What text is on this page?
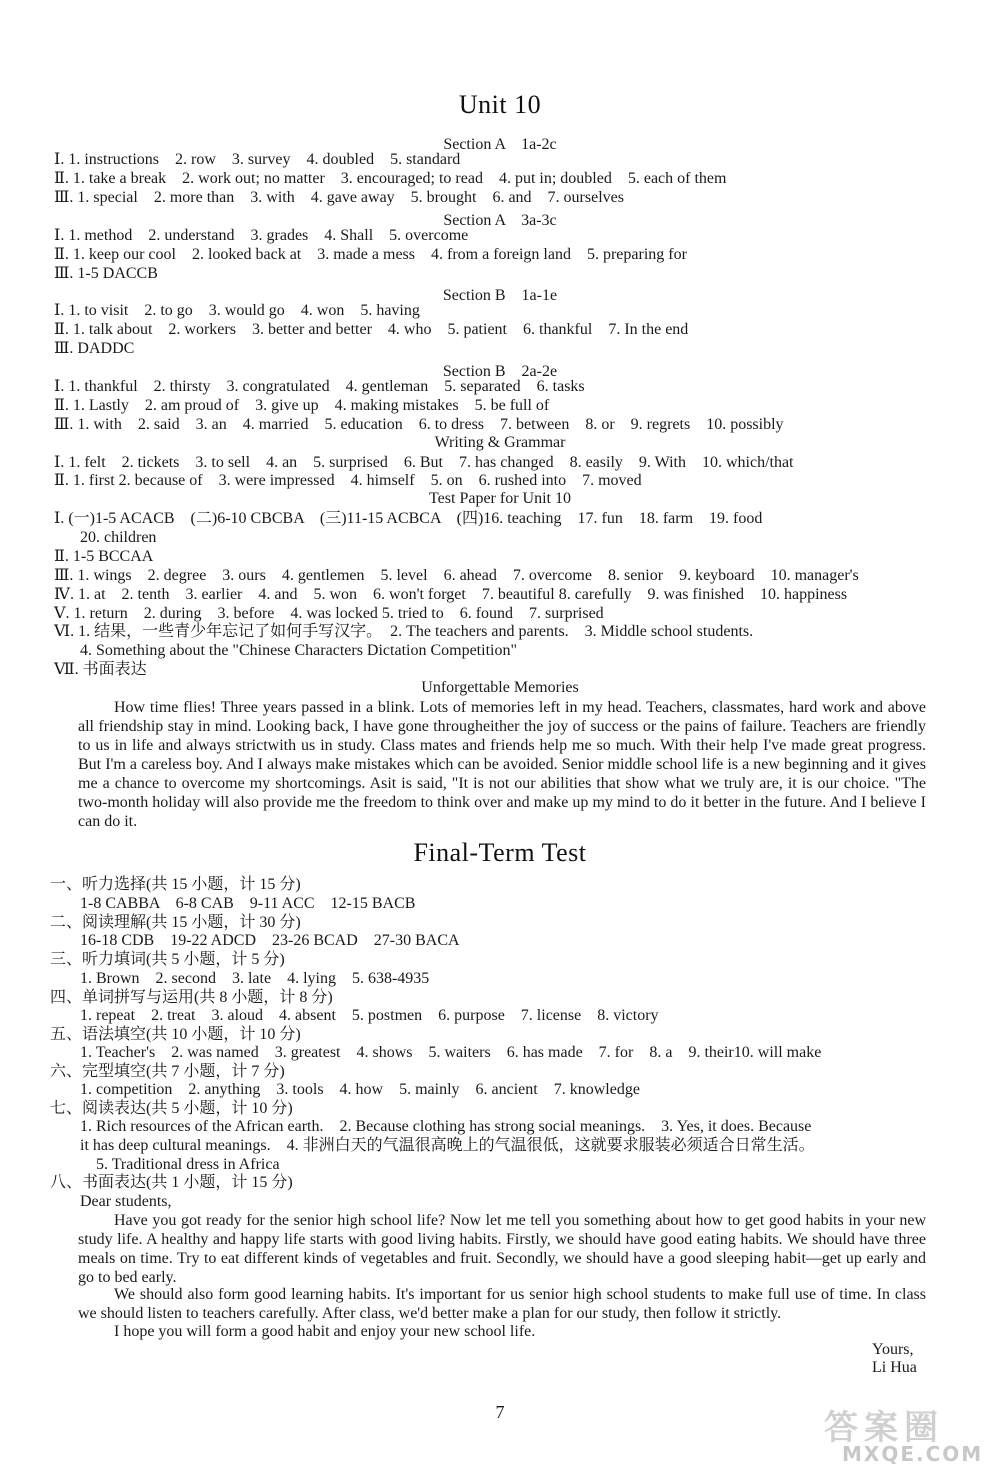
Unit 10
Section A　1a-2c
Ⅰ. 1. instructions　2. row　3. survey　4. doubled　5. standard
Ⅱ. 1. take a break　2. work out; no matter　3. encouraged; to read　4. put in; doubled　5. each of them
Ⅲ. 1. special　2. more than　3. with　4. gave away　5. brought　6. and　7. ourselves
Section A　3a-3c
Ⅰ. 1. method　2. understand　3. grades　4. Shall　5. overcome
Ⅱ. 1. keep our cool　2. looked back at　3. made a mess　4. from a foreign land　5. preparing for
Ⅲ. 1-5 DACCB
Section B　1a-1e
Ⅰ. 1. to visit　2. to go　3. would go　4. won　5. having
Ⅱ. 1. talk about　2. workers　3. better and better　4. who　5. patient　6. thankful　7. In the end
Ⅲ. DADDC
Section B　2a-2e
Ⅰ. 1. thankful　2. thirsty　3. congratulated　4. gentleman　5. separated　6. tasks
Ⅱ. 1. Lastly　2. am proud of　3. give up　4. making mistakes　5. be full of
Ⅲ. 1. with　2. said　3. an　4. married　5. education　6. to dress　7. between　8. or　9. regrets　10. possibly
Writing & Grammar
Ⅰ. 1. felt　2. tickets　3. to sell　4. an　5. surprised　6. But　7. has changed　8. easily　9. With　10. which/that
Ⅱ. 1. first 2. because of　3. were impressed　4. himself　5. on　6. rushed into　7. moved
Test Paper for Unit 10
Ⅰ. (一)1-5 ACACB　(二)6-10 CBCBA　(三)11-15 ACBCA　(四)16. teaching　17. fun　18. farm　19. food
20. children
Ⅱ. 1-5 BCCAA
Ⅲ. 1. wings　2. degree　3. ours　4. gentlemen　5. level　6. ahead　7. overcome　8. senior　9. keyboard　10. manager's
Ⅳ. 1. at　2. tenth　3. earlier　4. and　5. won　6. won't forget　7. beautiful 8. carefully　9. was finished　10. happiness
Ⅴ. 1. return　2. during　3. before　4. was locked 5. tried to　6. found　7. surprised
Ⅵ. 1. 结果，一些青少年忘记了如何手写汉字。　2. The teachers and parents.　3. Middle school students.
4. Something about the "Chinese Characters Dictation Competition"
Ⅶ. 书面表达
Unforgettable Memories
How time flies! Three years passed in a blink. Lots of memories left in my head. Teachers, classmates, hard work and above all friendship stay in mind. Looking back, I have gone througheither the joy of success or the pains of failure. Teachers are friendly to us in life and always strictwith us in study. Class mates and friends help me so much. With their help I've made great progress. But I'm a careless boy. And I always make mistakes which can be avoided. Senior middle school life is a new beginning and it gives me a chance to overcome my shortcomings. Asit is said, "It is not our abilities that show what we truly are, it is our choice. "The two-month holiday will also provide me the freedom to think over and make up my mind to do it better in the future. And I believe I can do it.
Final-Term Test
一、听力选择(共 15 小题，计 15 分)
1-8 CABBA　6-8 CAB　9-11 ACC　12-15 BACB
二、阅读理解(共 15 小题，计 30 分)
16-18 CDB　19-22 ADCD　23-26 BCAD　27-30 BACA
三、听力填词(共 5 小题，计 5 分)
1. Brown　2. second　3. late　4. lying　5. 638-4935
四、单词拼写与运用(共 8 小题，计 8 分)
1. repeat　2. treat　3. aloud　4. absent　5. postmen　6. purpose　7. license　8. victory
五、语法填空(共 10 小题，计 10 分)
1. Teacher's　2. was named　3. greatest　4. shows　5. waiters　6. has made　7. for　8. a　9. their10. will make
六、完型填空(共 7 小题，计 7 分)
1. competition　2. anything　3. tools　4. how　5. mainly　6. ancient　7. knowledge
七、阅读表达(共 5 小题，计 10 分)
1. Rich resources of the African earth.　2. Because clothing has strong social meanings.　3. Yes, it does. Because
it has deep cultural meanings.　4. 非洲白天的气温很高晚上的气温很低，这就要求服装必须适合日常生活。
5. Traditional dress in Africa
八、书面表达(共 1 小题，计 15 分)
Dear students,
Have you got ready for the senior high school life? Now let me tell you something about how to get good habits in your new study life. A healthy and happy life starts with good living habits. Firstly, we should have good eating habits. We should have three meals on time. Try to eat different kinds of vegetables and fruit. Secondly, we should have a good sleeping habit—get up early and go to bed early.
We should also form good learning habits. It's important for us senior high school students to make full use of time. In class we should listen to teachers carefully. After class, we'd better make a plan for our study, then follow it strictly.
I hope you will form a good habit and enjoy your new school life.
Yours,
Li Hua
7	答案圈
MXQE.COM
